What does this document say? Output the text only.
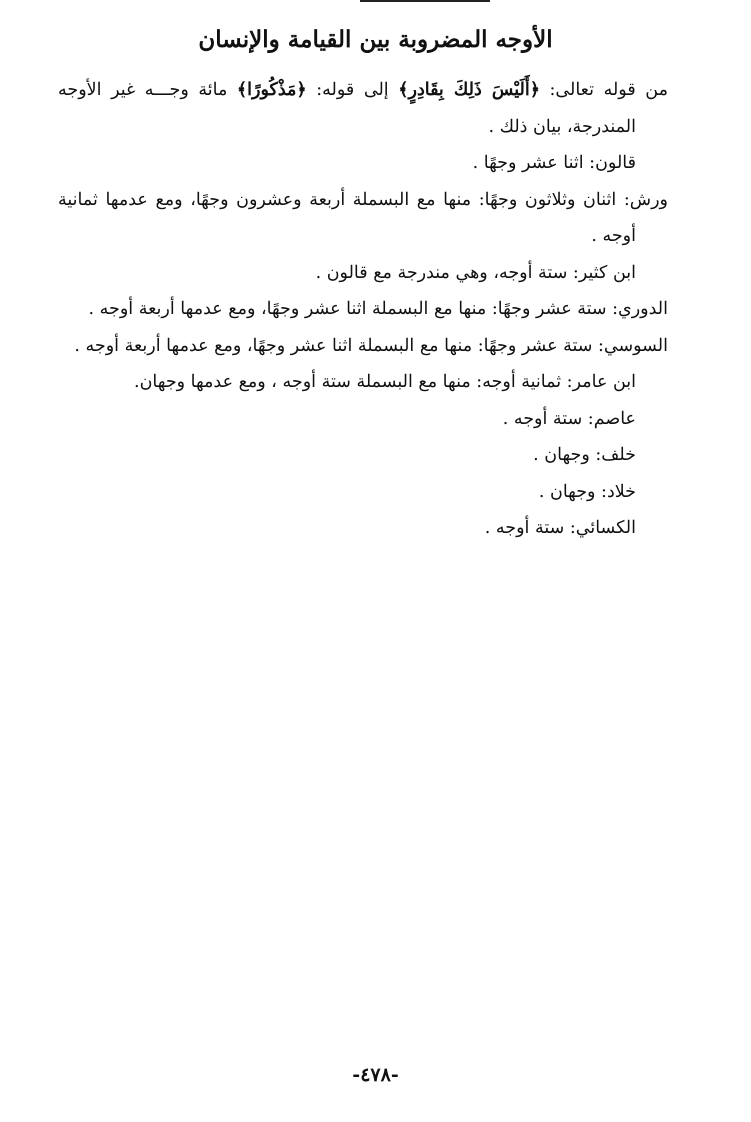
الأوجه المضروبة بين القيامة والإنسان

من قوله تعالى: ﴿أَلَيْسَ ذَلِكَ بِقَادِرٍ﴾ إلى قوله: ﴿مَذْكُورًا﴾ مائة وجـــه غير الأوجه المندرجة، بيان ذلك .

قالون: اثنا عشر وجهًا .

ورش: اثنان وثلاثون وجهًا: منها مع البسملة أربعة وعشرون وجهًا، ومع عدمها ثمانية أوجه .

ابن كثير: ستة أوجه، وهي مندرجة مع قالون .

الدوري: ستة عشر وجهًا: منها مع البسملة اثنا عشر وجهًا، ومع عدمها أربعة أوجه .

السوسي: ستة عشر وجهًا: منها مع البسملة اثنا عشر وجهًا، ومع عدمها أربعة أوجه .

ابن عامر: ثمانية أوجه: منها مع البسملة ستة أوجه ، ومع عدمها وجهان.

عاصم: ستة أوجه .

خلف: وجهان .

خلاد: وجهان .

الكسائي: ستة أوجه .

-٤٧٨-
